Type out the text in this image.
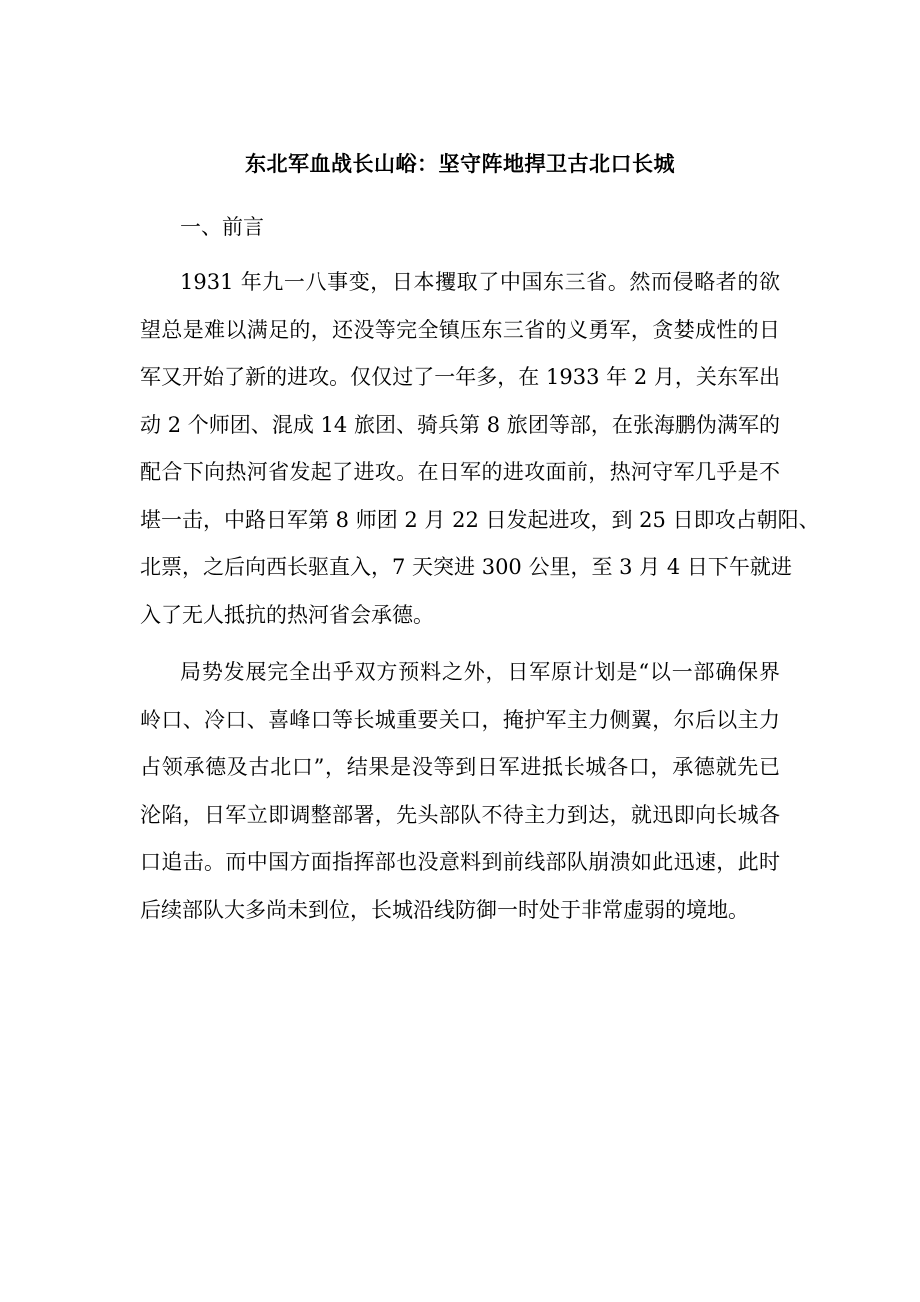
东北军血战长山峪：坚守阵地捍卫古北口长城
一、前言
1931 年九一八事变，日本攫取了中国东三省。然而侵略者的欲
望总是难以满足的，还没等完全镇压东三省的义勇军，贪婪成性的日
军又开始了新的进攻。仅仅过了一年多，在 1933 年 2 月，关东军出
动 2 个师团、混成 14 旅团、骑兵第 8 旅团等部，在张海鹏伪满军的
配合下向热河省发起了进攻。在日军的进攻面前，热河守军几乎是不
堪一击，中路日军第 8 师团 2 月 22 日发起进攻，到 25 日即攻占朝阳、
北票，之后向西长驱直入，7 天突进 300 公里，至 3 月 4 日下午就进
入了无人抵抗的热河省会承德。
局势发展完全出乎双方预料之外，日军原计划是“以一部确保界
岭口、冷口、喜峰口等长城重要关口，掩护军主力侧翼，尔后以主力
占领承德及古北口”，结果是没等到日军进抵长城各口，承德就先已
沦陷，日军立即调整部署，先头部队不待主力到达，就迅即向长城各
口追击。而中国方面指挥部也没意料到前线部队崩溃如此迅速，此时
后续部队大多尚未到位，长城沿线防御一时处于非常虚弱的境地。
